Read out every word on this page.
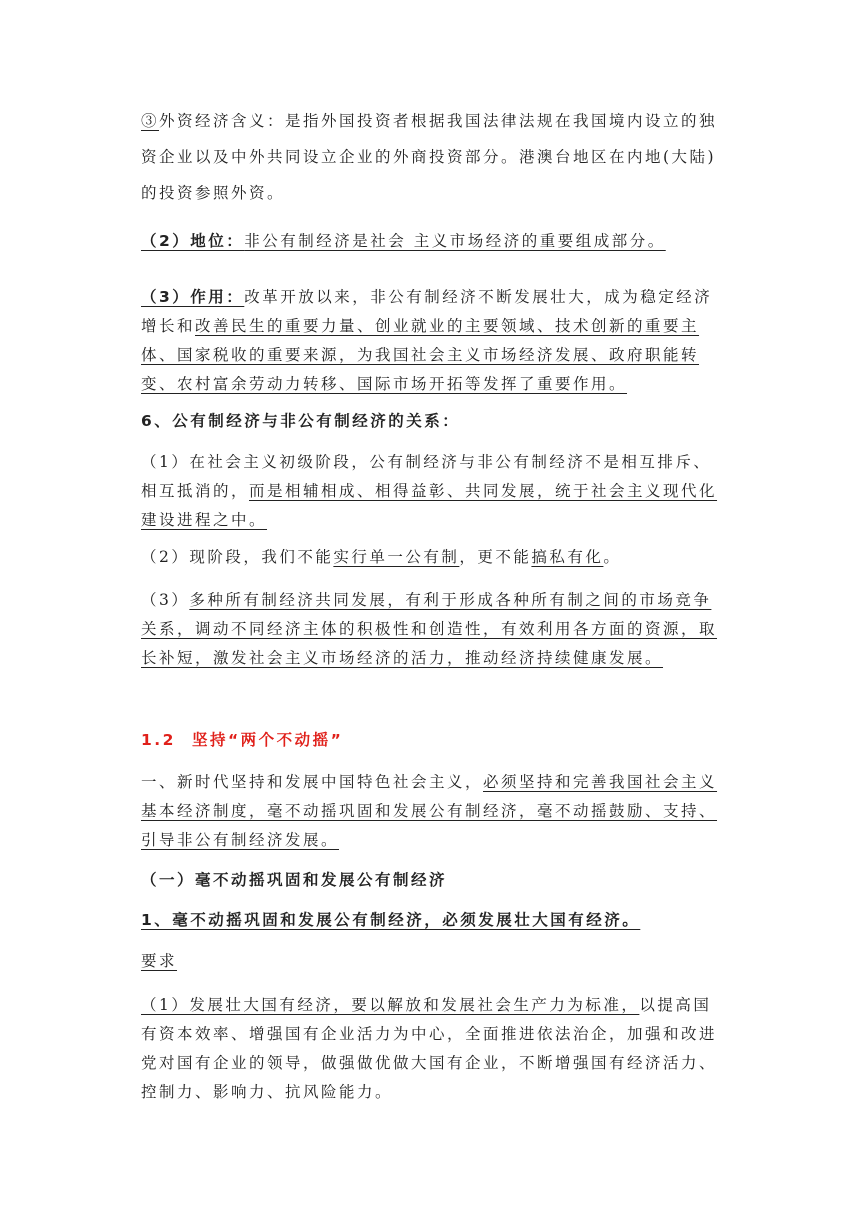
③外资经济含义：是指外国投资者根据我国法律法规在我国境内设立的独资企业以及中外共同设立企业的外商投资部分。港澳台地区在内地(大陆)的投资参照外资。

（2）地位：非公有制经济是社会 主义市场经济的重要组成部分。

（3）作用：改革开放以来，非公有制经济不断发展壮大，成为稳定经济增长和改善民生的重要力量、创业就业的主要领域、技术创新的重要主体、国家税收的重要来源，为我国社会主义市场经济发展、政府职能转变、农村富余劳动力转移、国际市场开拓等发挥了重要作用。

6、公有制经济与非公有制经济的关系：

（1）在社会主义初级阶段，公有制经济与非公有制经济不是相互排斥、相互抵消的，而是相辅相成、相得益彰、共同发展，统于社会主义现代化建设进程之中。

（2）现阶段，我们不能实行单一公有制，更不能搞私有化。

（3）多种所有制经济共同发展，有利于形成各种所有制之间的市场竞争关系，调动不同经济主体的积极性和创造性，有效利用各方面的资源，取长补短，激发社会主义市场经济的活力，推动经济持续健康发展。

1.2 坚持“两个不动摇”

一、新时代坚持和发展中国特色社会主义，必须坚持和完善我国社会主义基本经济制度，毫不动摇巩固和发展公有制经济，毫不动摇鼓励、支持、引导非公有制经济发展。

（一）毫不动摇巩固和发展公有制经济

1、毫不动摇巩固和发展公有制经济，必须发展壮大国有经济。

要求

（1）发展壮大国有经济，要以解放和发展社会生产力为标准，以提高国有资本效率、增强国有企业活力为中心，全面推进依法治企，加强和改进党对国有企业的领导，做强做优做大国有企业，不断增强国有经济活力、控制力、影响力、抗风险能力。
